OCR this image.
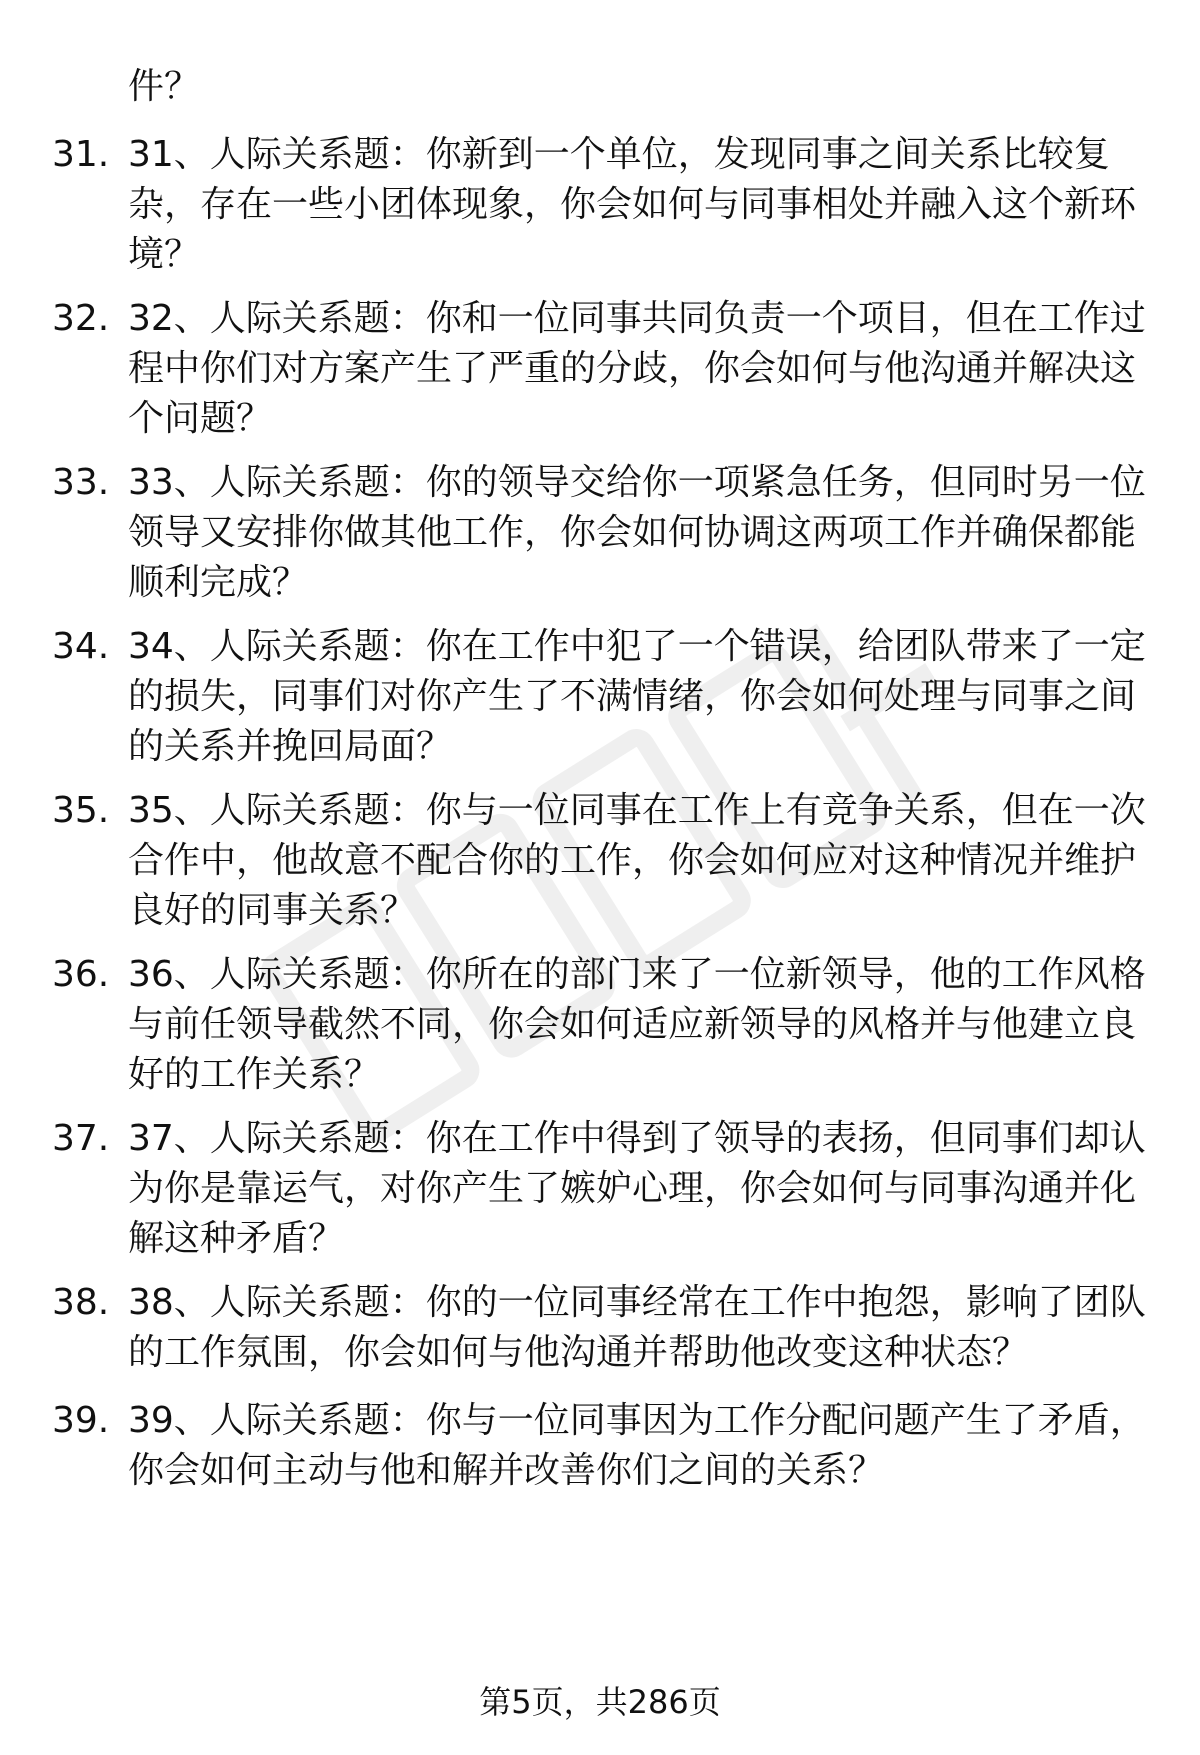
件？
31. 31、人际关系题：你新到一个单位，发现同事之间关系比较复杂，存在一些小团体现象，你会如何与同事相处并融入这个新环境？
32. 32、人际关系题：你和一位同事共同负责一个项目，但在工作过程中你们对方案产生了严重的分歧，你会如何与他沟通并解决这个问题？
33. 33、人际关系题：你的领导交给你一项紧急任务，但同时另一位领导又安排你做其他工作，你会如何协调这两项工作并确保都能顺利完成？
34. 34、人际关系题：你在工作中犯了一个错误，给团队带来了一定的损失，同事们对你产生了不满情绪，你会如何处理与同事之间的关系并挽回局面？
35. 35、人际关系题：你与一位同事在工作上有竞争关系，但在一次合作中，他故意不配合你的工作，你会如何应对这种情况并维护良好的同事关系？
36. 36、人际关系题：你所在的部门来了一位新领导，他的工作风格与前任领导截然不同，你会如何适应新领导的风格并与他建立良好的工作关系？
37. 37、人际关系题：你在工作中得到了领导的表扬，但同事们却认为你是靠运气，对你产生了嫉妒心理，你会如何与同事沟通并化解这种矛盾？
38. 38、人际关系题：你的一位同事经常在工作中抱怨，影响了团队的工作氛围，你会如何与他沟通并帮助他改变这种状态？
39. 39、人际关系题：你与一位同事因为工作分配问题产生了矛盾，你会如何主动与他和解并改善你们之间的关系？
第5页，共286页
